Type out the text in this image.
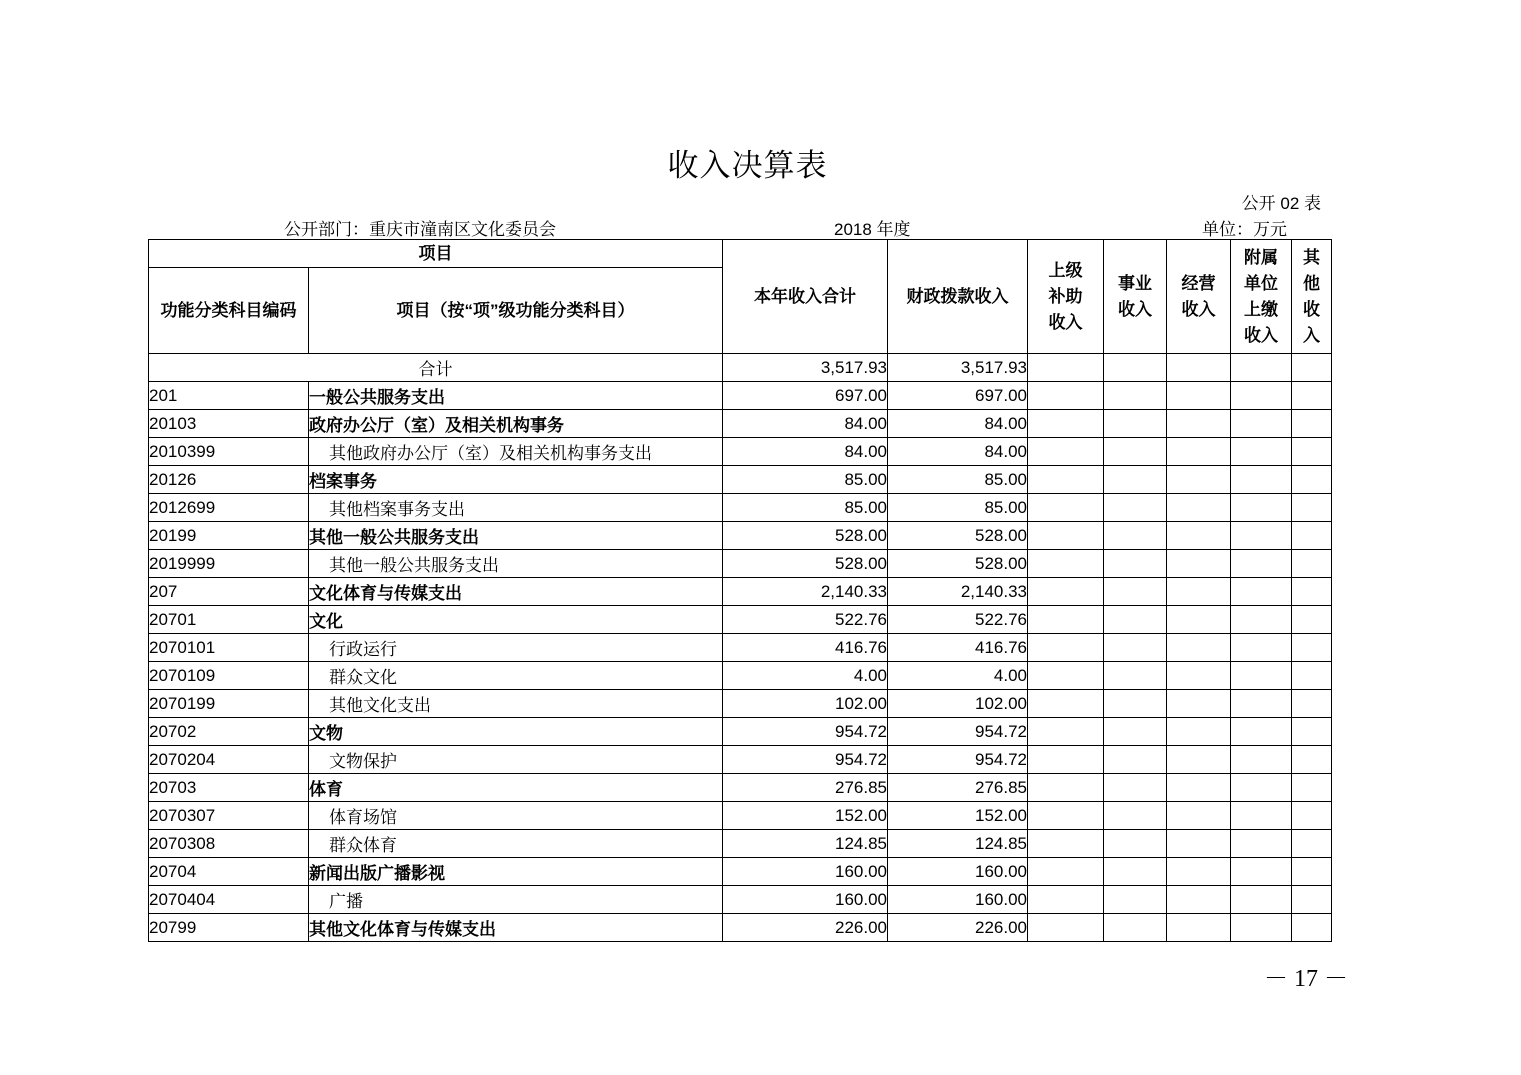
收入决算表
公开 02 表
公开部门：重庆市潼南区文化委员会	2018 年度	单位：万元
项目		本年收入合计	财政拨款收入	上级补助收入	事业收入	经营收入	附属单位上缴收入	其他收入

功能分类科目编码	项目（按“项”级功能分类科目）							
合计		3,517.93	3,517.93					
201	一般公共服务支出	697.00	697.00					
20103	政府办公厅（室）及相关机构事务	84.00	84.00					
2010399	其他政府办公厅（室）及相关机构事务支出	84.00	84.00					
20126	档案事务	85.00	85.00					
2012699	其他档案事务支出	85.00	85.00					
20199	其他一般公共服务支出	528.00	528.00					
2019999	其他一般公共服务支出	528.00	528.00					
207	文化体育与传媒支出	2,140.33	2,140.33					
20701	文化	522.76	522.76					
2070101	行政运行	416.76	416.76					
2070109	群众文化	4.00	4.00					
2070199	其他文化支出	102.00	102.00					
20702	文物	954.72	954.72					
2070204	文物保护	954.72	954.72					
20703	体育	276.85	276.85					
2070307	体育场馆	152.00	152.00					
2070308	群众体育	124.85	124.85					
20704	新闻出版广播影视	160.00	160.00					
2070404	广播	160.00	160.00					
20799	其他文化体育与传媒支出	226.00	226.00					
－ 17 －
